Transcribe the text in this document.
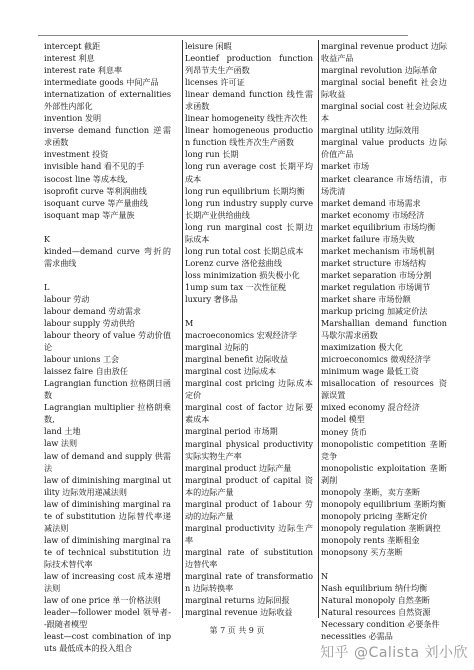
intercept 截距
interest 利息
interest rate 利息率
intermediate goods 中间产品
internatization of externalities 外部性内部化
invention 发明
inverse demand function 逆需求函数
investment 投资
invisible hand 看不见的手
isocost line 等成本线,
isoprofit curve 等利润曲线
isoquant curve 等产量曲线
isoquant map 等产量族
K
kinded—demand curve 弯折的需求曲线
L
labour 劳动
labour demand 劳动需求
labour supply 劳动供给
labour theory of value 劳动价值论
labour unions 工会
laissez faire 自由放任
Lagrangian function 拉格朗日函数
Lagrangian multiplier 拉格朗乘数,
land 土地
law 法则
law of demand and supply 供需法
law of diminishing marginal utility 边际效用递减法则
law of diminishing marginal rate of substitution 边际替代率递减法则
law of diminishing marginal rate of technical substitution 边际技术替代率
law of increasing cost 成本递增法则
law of one price 单一价格法则
leader—follower model 领导者--跟随者模型
least—cost combination of inputs 最低成本的投入组合
leisure 闲暇
Leontief production function 列昂节夫生产函数
licenses 许可证
linear demand function 线性需求函数
linear homogeneity 线性齐次性
linear homogeneous production function 线性齐次生产函数
long run 长期
long run average cost 长期平均成本
long run equilibrium 长期均衡
long run industry supply curve 长期产业供给曲线
long run marginal cost 长期边际成本
long run total cost 长期总成本
Lorenz curve 洛伦兹曲线
loss minimization 损失极小化
1ump sum tax 一次性征税
luxury 奢侈品
M
macroeconomics 宏观经济学
marginal 边际的
marginal benefit 边际收益
marginal cost 边际成本
marginal cost pricing 边际成本定价
marginal cost of factor 边际要素成本
marginal period 市场期
marginal physical productivity 实际实物生产率
marginal product 边际产量
marginal product of capital 资本的边际产量
marginal product of 1abour 劳动的边际产量
marginal productivity 边际生产率
marginal rate of substitution 边替代率
marginal rate of transformation 边际转换率
marginal returns 边际回报
marginal revenue 边际收益
marginal revenue product 边际收益产品
marginal revolution 边际革命
marginal social benefit 社会边际收益
marginal social cost 社会边际成本
marginal utility 边际效用
marginal value products 边际价值产品
market 市场
market clearance 市场结清，市场洗清
market demand 市场需求
market economy 市场经济
market equilibrium 市场均衡
market failure 市场失败
market mechanism 市场机制
market structure 市场结构
market separation 市场分割
market regulation 市场调节
market share 市场份额
markup pricing 加减定价法
Marshallian demand function 马歇尔需求函数
maximization 极大化
microeconomics 微观经济学
minimum wage 最低工资
misallocation of resources 资源误置
mixed economy 混合经济
model 模型
money 货币
monopolistic competition 垄断竞争
monopolistic exploitation 垄断剥削
monopoly 垄断，卖方垄断
monopoly equilibrium 垄断均衡
monopoly pricing 垄断定价
monopoly regulation 垄断调控
monopoly rents 垄断租金
monopsony 买方垄断
N
Nash equilibrium 纳什均衡
Natural monopoly 自然垄断
Natural resources 自然资源
Necessary condition 必要条件
necessities 必需品
第 7 页 共 9 页
知乎 @Calista 刘小欣
